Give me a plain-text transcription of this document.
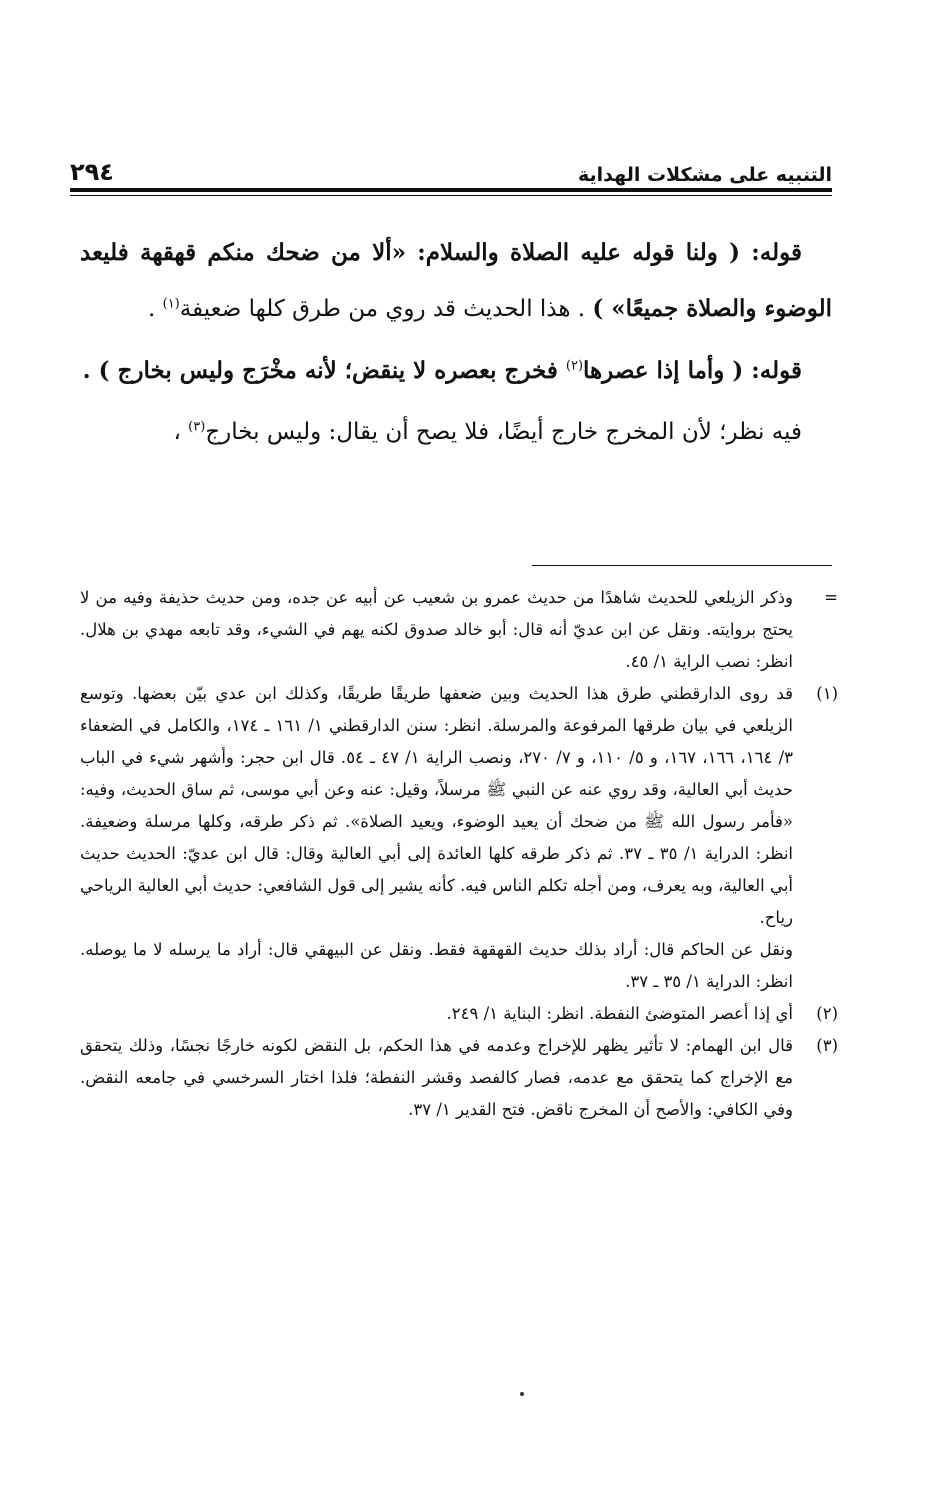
التنبيه على مشكلات الهداية
٢٩٤

قوله: ( ولنا قوله عليه الصلاة والسلام: «ألا من ضحك منكم قهقهة فليعد الوضوء والصلاة جميعًا» ) . هذا الحديث قد روي من طرق كلها ضعيفة$^{(١)}$ .

قوله: ( وأما إذا عصرها$^{(٢)}$ فخرج بعصره لا ينقض؛ لأنه مخْرَج وليس بخارج ) .

فيه نظر؛ لأن المخرج خارج أيضًا، فلا يصح أن يقال: وليس بخارج$^{(٣)}$ ،

=
وذكر الزيلعي للحديث شاهدًا من حديث عمرو بن شعيب عن أبيه عن جده، ومن حديث حذيفة وفيه من لا يحتج بروايته. ونقل عن ابن عديّ أنه قال: أبو خالد صدوق لكنه يهم في الشيء، وقد تابعه مهدي بن هلال. انظر: نصب الراية ١/ ٤٥.

(١)
قد روى الدارقطني طرق هذا الحديث وبين ضعفها طريقًا طريقًا، وكذلك ابن عدي بيّن بعضها. وتوسع الزيلعي في بيان طرقها المرفوعة والمرسلة. انظر: سنن الدارقطني ١/ ١٦١ ـ ١٧٤، والكامل في الضعفاء ٣/ ١٦٤، ١٦٦، ١٦٧، و ٥/ ١١٠، و ٧/ ٢٧٠، ونصب الراية ١/ ٤٧ ـ ٥٤. قال ابن حجر: وأشهر شيء في الباب حديث أبي العالية، وقد روي عنه عن النبي ﷺ مرسلاً، وقيل: عنه وعن أبي موسى، ثم ساق الحديث، وفيه: «فأمر رسول الله ﷺ من ضحك أن يعيد الوضوء، ويعيد الصلاة». ثم ذكر طرقه، وكلها مرسلة وضعيفة. انظر: الدراية ١/ ٣٥ ـ ٣٧. ثم ذكر طرقه كلها العائدة إلى أبي العالية وقال: قال ابن عديّ: الحديث حديث أبي العالية، وبه يعرف، ومن أجله تكلم الناس فيه. كأنه يشير إلى قول الشافعي: حديث أبي العالية الرياحي رياح.

ونقل عن الحاكم قال: أراد بذلك حديث القهقهة فقط. ونقل عن البيهقي قال: أراد ما يرسله لا ما يوصله. انظر: الدراية ١/ ٣٥ ـ ٣٧.

(٢)
أي إذا أعصر المتوضئ النفطة. انظر: البناية ١/ ٢٤٩.

(٣)
قال ابن الهمام: لا تأثير يظهر للإخراج وعدمه في هذا الحكم، بل النقض لكونه خارجًا نجسًا، وذلك يتحقق مع الإخراج كما يتحقق مع عدمه، فصار كالفصد وقشر النفطة؛ فلذا اختار السرخسي في جامعه النقض. وفي الكافي: والأصح أن المخرج ناقض. فتح القدير ١/ ٣٧.
